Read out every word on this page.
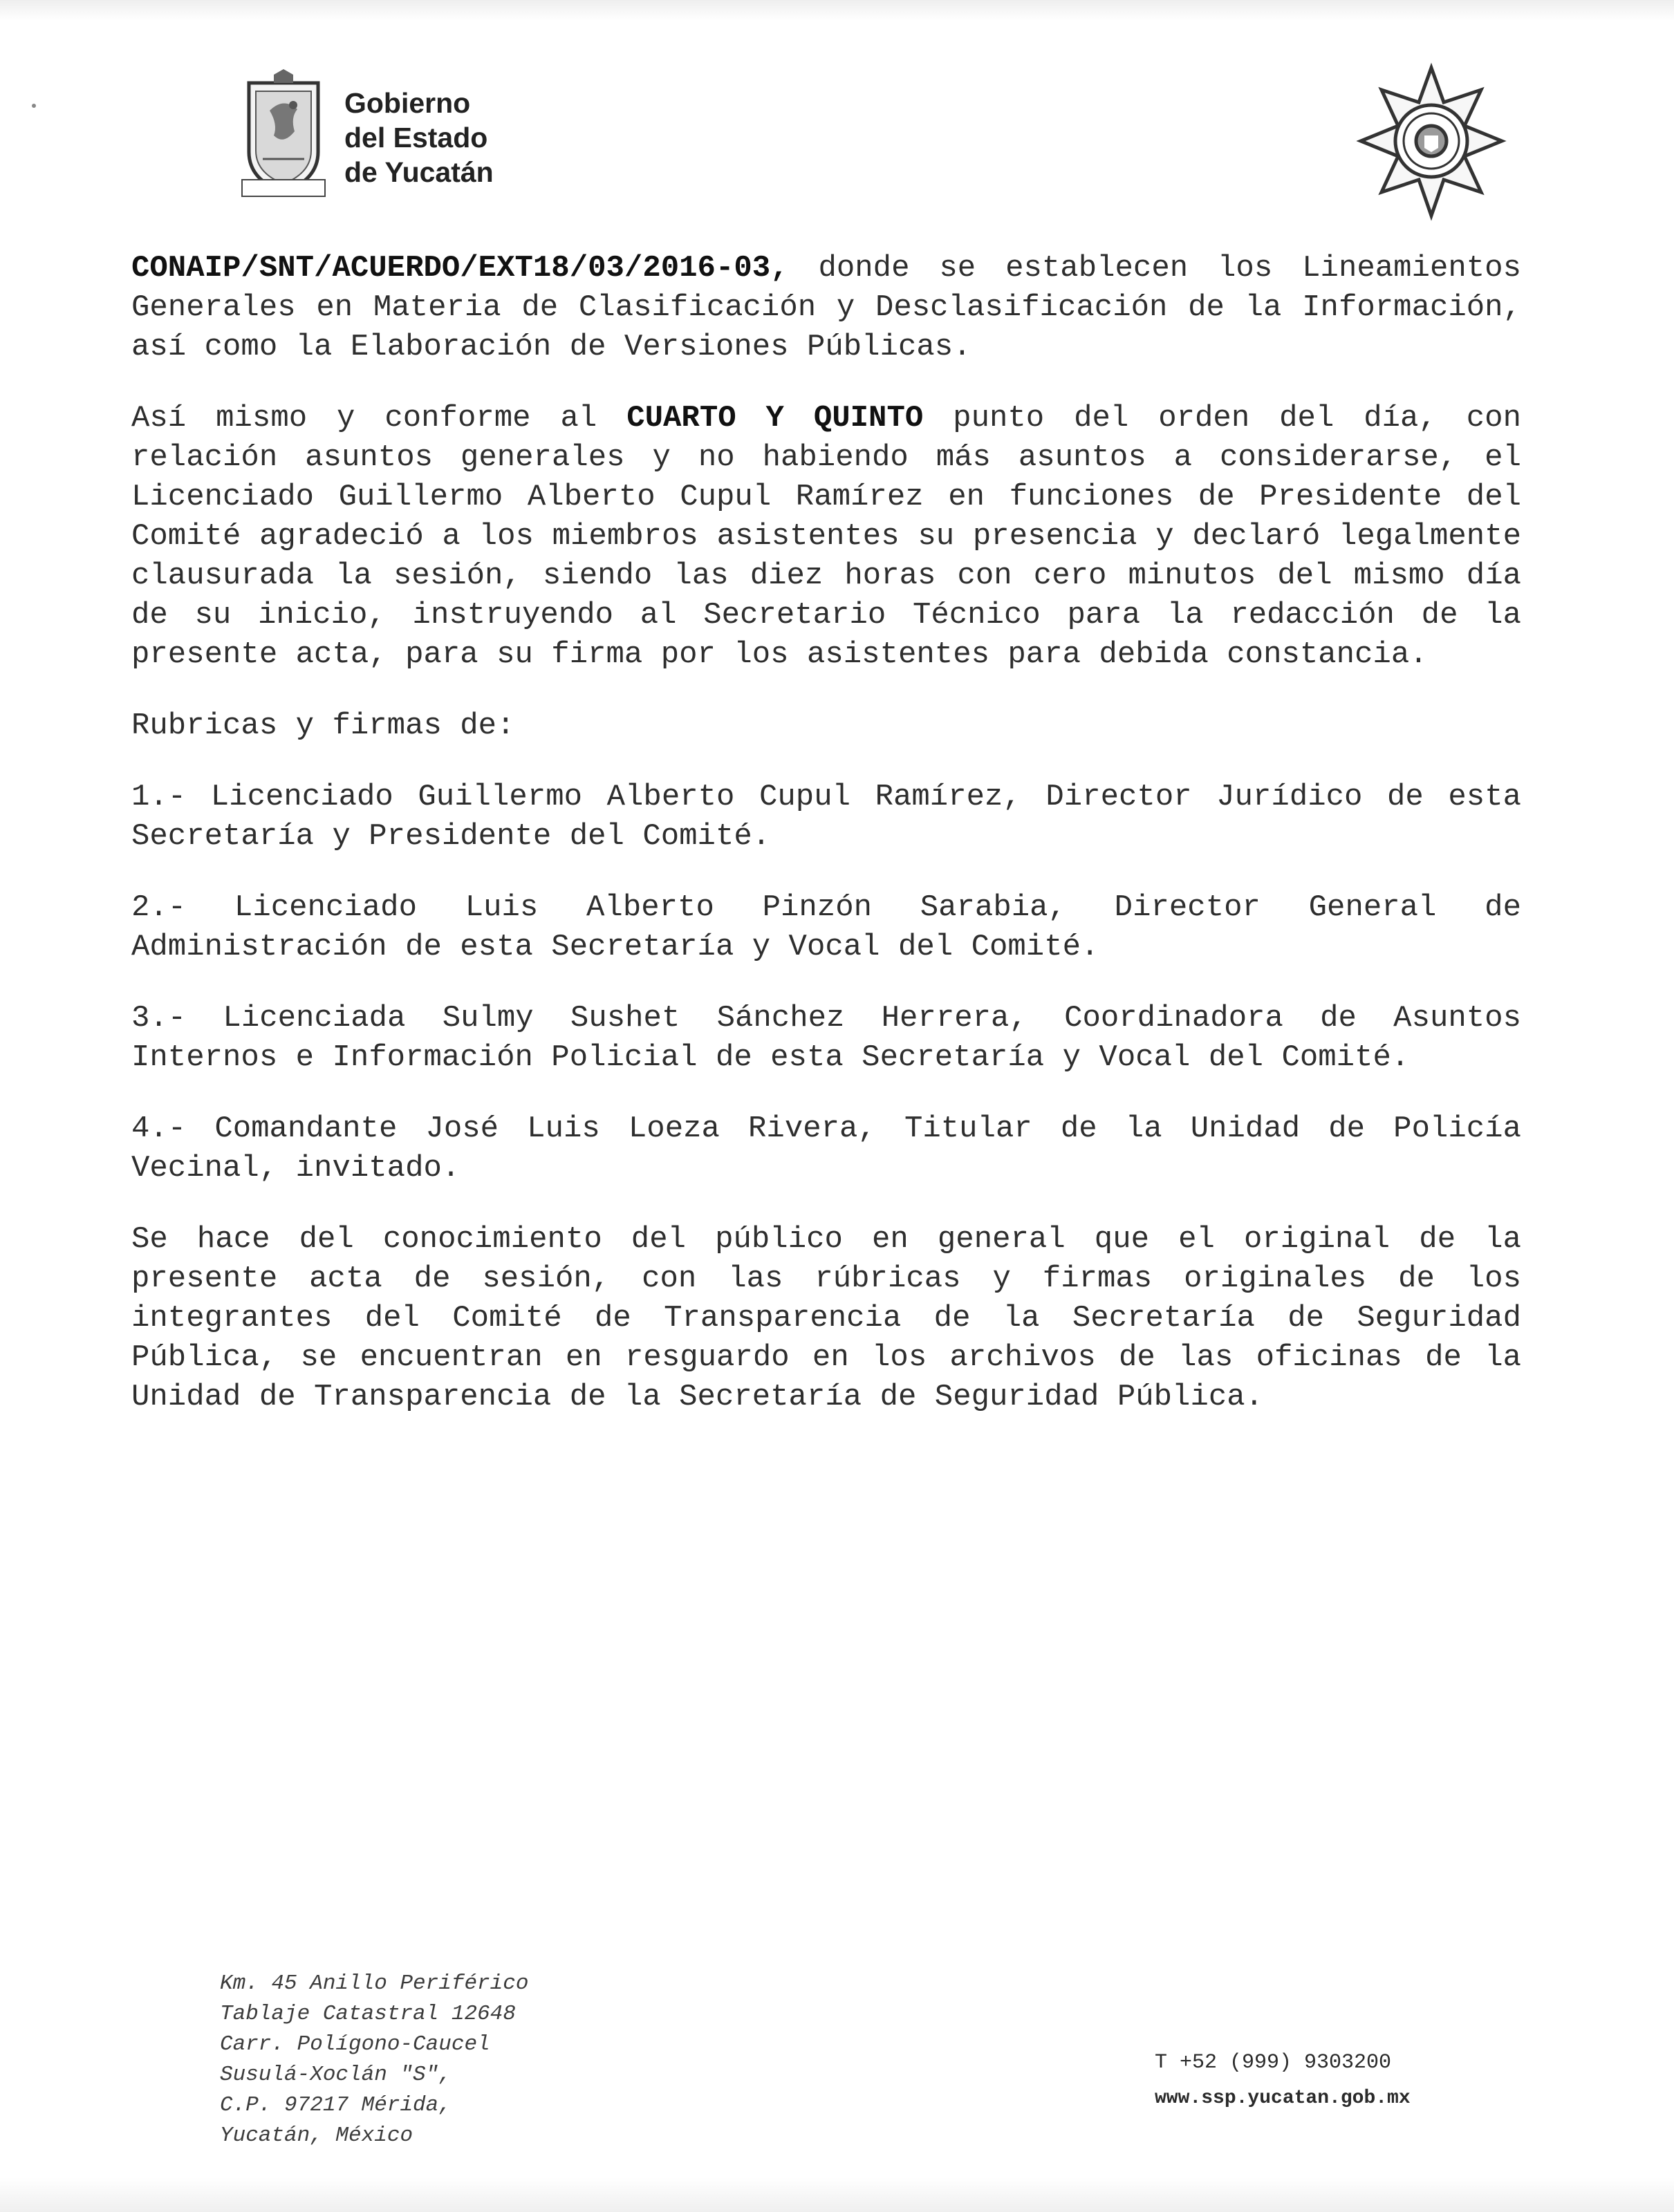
Gobierno
del Estado
de Yucatán

CONAIP/SNT/ACUERDO/EXT18/03/2016-03, donde se establecen los Lineamientos Generales en Materia de Clasificación y Desclasificación de la Información, así como la Elaboración de Versiones Públicas.

Así mismo y conforme al CUARTO Y QUINTO punto del orden del día, con relación asuntos generales y no habiendo más asuntos a considerarse, el Licenciado Guillermo Alberto Cupul Ramírez en funciones de Presidente del Comité agradeció a los miembros asistentes su presencia y declaró legalmente clausurada la sesión, siendo las diez horas con cero minutos del mismo día de su inicio, instruyendo al Secretario Técnico para la redacción de la presente acta, para su firma por los asistentes para debida constancia.

Rubricas y firmas de:

1.- Licenciado Guillermo Alberto Cupul Ramírez, Director Jurídico de esta Secretaría y Presidente del Comité.

2.- Licenciado Luis Alberto Pinzón Sarabia, Director General de Administración de esta Secretaría y Vocal del Comité.

3.- Licenciada Sulmy Sushet Sánchez Herrera, Coordinadora de Asuntos Internos e Información Policial de esta Secretaría y Vocal del Comité.

4.- Comandante José Luis Loeza Rivera, Titular de la Unidad de Policía Vecinal, invitado.

Se hace del conocimiento del público en general que el original de la presente acta de sesión, con las rúbricas y firmas originales de los integrantes del Comité de Transparencia de la Secretaría de Seguridad Pública, se encuentran en resguardo en los archivos de las oficinas de la Unidad de Transparencia de la Secretaría de Seguridad Pública.

Km. 45 Anillo Periférico
Tablaje Catastral 12648
Carr. Polígono-Caucel
Susulá-Xoclán "S",
C.P. 97217 Mérida,
Yucatán, México
T +52 (999) 9303200
www.ssp.yucatan.gob.mx
